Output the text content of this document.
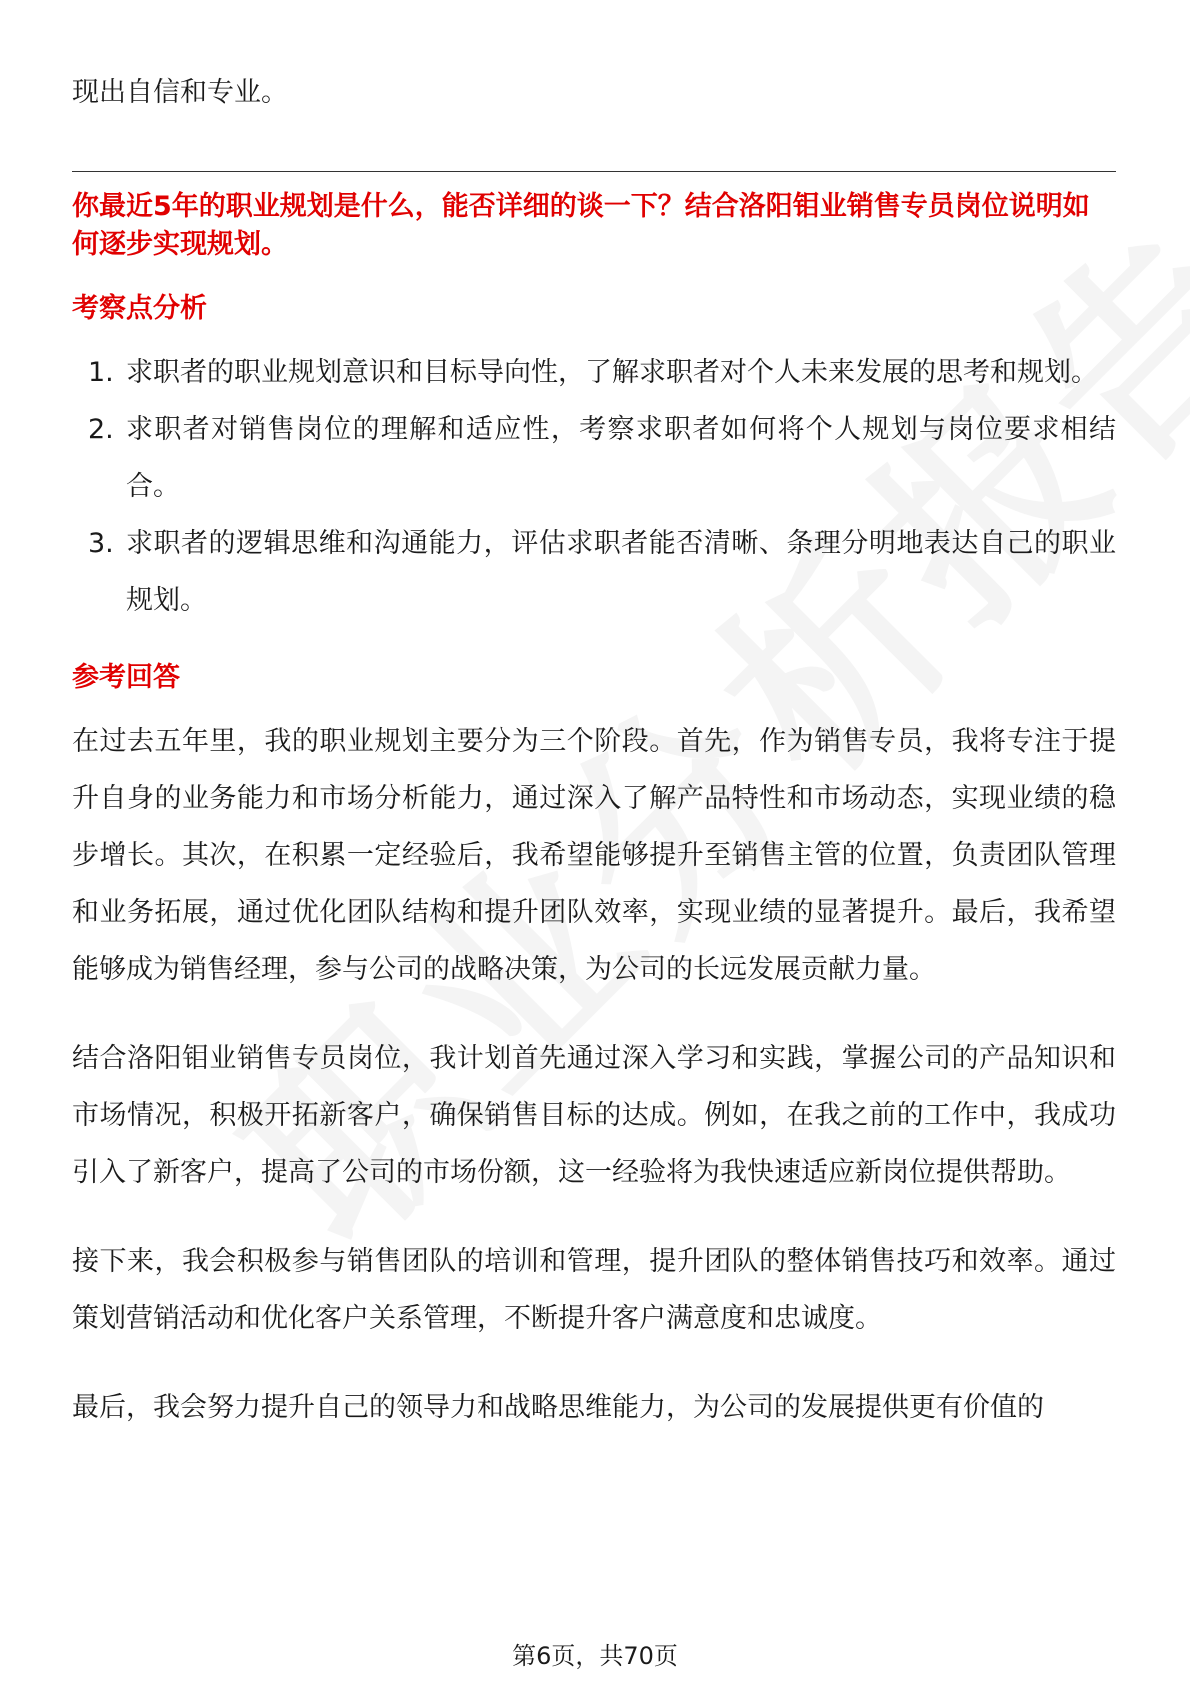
现出自信和专业。

你最近5年的职业规划是什么，能否详细的谈一下？结合洛阳钼业销售专员岗位说明如何逐步实现规划。

考察点分析
1. 求职者的职业规划意识和目标导向性，了解求职者对个人未来发展的思考和规划。
2. 求职者对销售岗位的理解和适应性，考察求职者如何将个人规划与岗位要求相结合。
3. 求职者的逻辑思维和沟通能力，评估求职者能否清晰、条理分明地表达自己的职业规划。
参考回答

在过去五年里，我的职业规划主要分为三个阶段。首先，作为销售专员，我将专注于提升自身的业务能力和市场分析能力，通过深入了解产品特性和市场动态，实现业绩的稳步增长。其次，在积累一定经验后，我希望能够提升至销售主管的位置，负责团队管理和业务拓展，通过优化团队结构和提升团队效率，实现业绩的显著提升。最后，我希望能够成为销售经理，参与公司的战略决策，为公司的长远发展贡献力量。

结合洛阳钼业销售专员岗位，我计划首先通过深入学习和实践，掌握公司的产品知识和市场情况，积极开拓新客户，确保销售目标的达成。例如，在我之前的工作中，我成功引入了新客户，提高了公司的市场份额，这一经验将为我快速适应新岗位提供帮助。

接下来，我会积极参与销售团队的培训和管理，提升团队的整体销售技巧和效率。通过策划营销活动和优化客户关系管理，不断提升客户满意度和忠诚度。

最后，我会努力提升自己的领导力和战略思维能力，为公司的发展提供更有价值的

第6页，共70页
